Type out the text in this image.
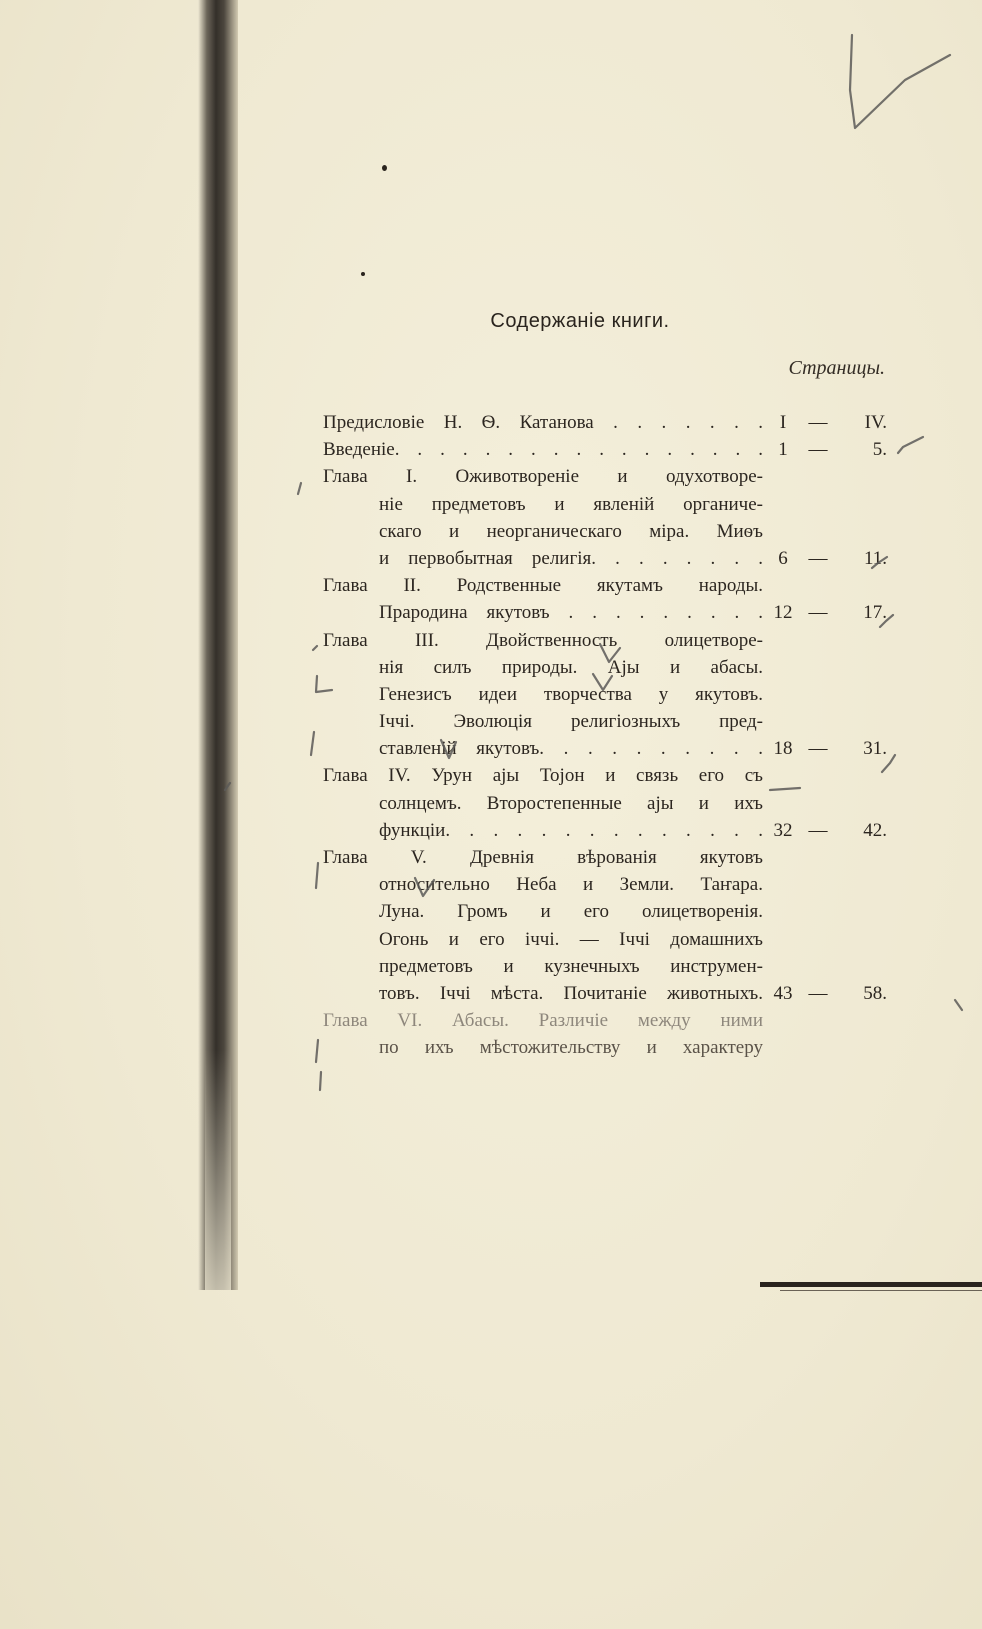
Содержаніе книги.
Страницы.
Предисловіе Н. Ѳ. Катанова . . . . . . . I	—	IV.
Введеніе. . . . . . . . . . . . . . . . . 1	—	5.
Глава I. Оживотвореніе и одухотворе-
ніе предметовъ и явленій органиче-
скаго и неорганическаго міра. Миѳъ
и первобытная религія. . . . . . . . 6	—	11.
Глава II. Родственные якутамъ народы.
Прародина якутовъ . . . . . . . . . 12 —	17.
Глава III. Двойственность олицетворе-
нія силъ природы. Аjы и абасы.
Генезисъ идеи творчества у якутовъ.
Іччі. Эволюція религіозныхъ пред-
ставленій якутовъ. . . . . . . . . . 18 —	31.
Глава IV. Урун аjы Тоjон и связь его съ
солнцемъ. Второстепенные аjы и ихъ
функціи. . . . . . . . . . . . . . 32 —	42.
Глава V. Древнія вѣрованія якутовъ
относительно Неба и Земли. Таҥара.
Луна. Громъ и его олицетворенія.
Огонь и его іччі. — Іччі домашнихъ
предметовъ и кузнечныхъ инструмен-
товъ. Іччі мѣста. Почитаніе животныхъ. 43 —	58.
Глава VI. Абасы. Различіе между ними
по ихъ мѣстожительству и характеру
